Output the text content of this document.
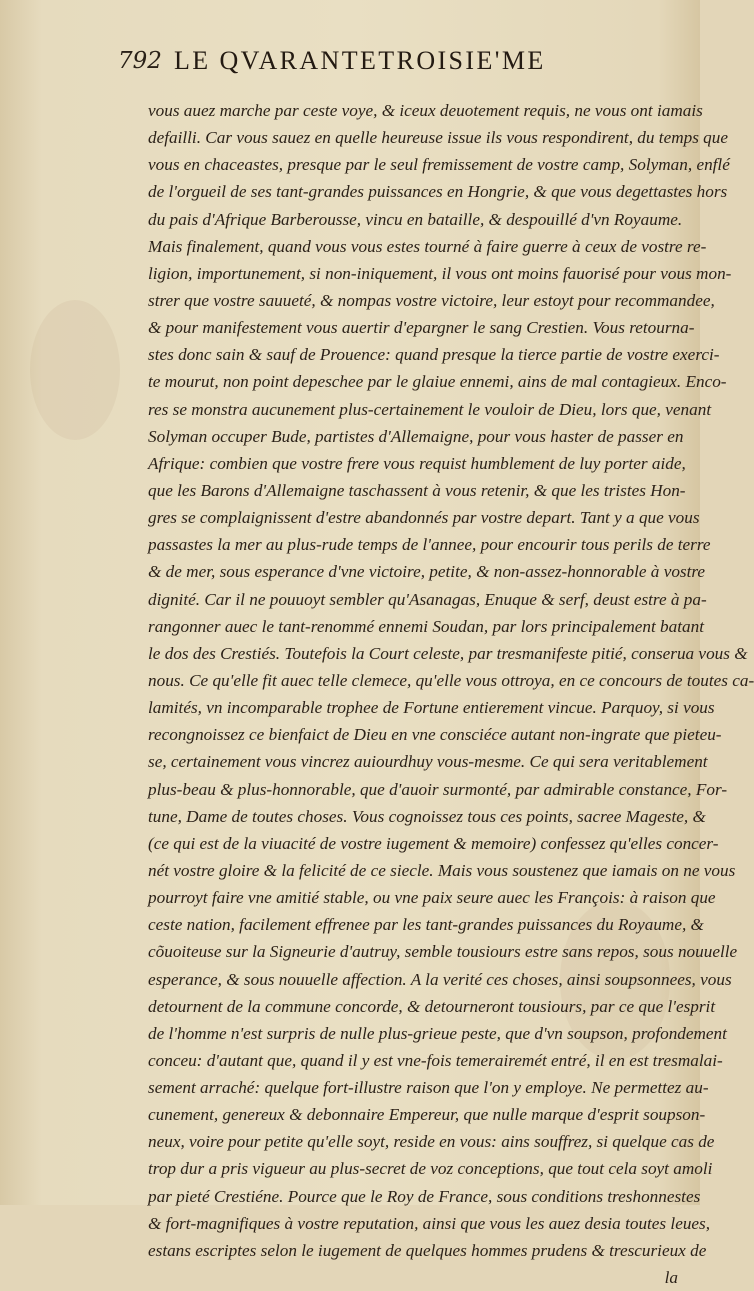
792 LE QVARANTETROISIE'ME
vous auez marche par ceste voye, & iceux deuotement requis, ne vous ont iamais
defailli. Car vous sauez en quelle heureuse issue ils vous respondirent, du temps que
vous en chaceastes, presque par le seul fremissement de vostre camp, Solyman, enflé
de l'orgueil de ses tant-grandes puissances en Hongrie, & que vous degettastes hors
du pais d'Afrique Barberousse, vincu en bataille, & despouillé d'vn Royaume.
Mais finalement, quand vous vous estes tourné à faire guerre à ceux de vostre re-
ligion, importunement, si non-iniquement, il vous ont moins fauorisé pour vous mon-
strer que vostre sauueté, & nompas vostre victoire, leur estoyt pour recommandee,
& pour manifestement vous auertir d'epargner le sang Crestien. Vous retourna-
stes donc sain & sauf de Prouence: quand presque la tierce partie de vostre exerci-
te mourut, non point depeschee par le glaiue ennemi, ains de mal contagieux. Enco-
res se monstra aucunement plus-certainement le vouloir de Dieu, lors que, venant
Solyman occuper Bude, partistes d'Allemaigne, pour vous haster de passer en
Afrique: combien que vostre frere vous requist humblement de luy porter aide,
que les Barons d'Allemaigne taschassent à vous retenir, & que les tristes Hon-
gres se complaignissent d'estre abandonnés par vostre depart. Tant y a que vous
passastes la mer au plus-rude temps de l'annee, pour encourir tous perils de terre
& de mer, sous esperance d'vne victoire, petite, & non-assez-honnorable à vostre
dignité. Car il ne pouuoyt sembler qu'Asanagas, Enuque & serf, deust estre à pa-
rangonner auec le tant-renommé ennemi Soudan, par lors principalement batant
le dos des Crestiés. Toutefois la Court celeste, par tresmanifeste pitié, conserua vous &
nous. Ce qu'elle fit auec telle clemece, qu'elle vous ottroya, en ce concours de toutes ca-
lamités, vn incomparable trophee de Fortune entierement vincue. Parquoy, si vous
recongnoissez ce bienfaict de Dieu en vne consciéce autant non-ingrate que pieteu-
se, certainement vous vincrez auiourdhuy vous-mesme. Ce qui sera veritablement
plus-beau & plus-honnorable, que d'auoir surmonté, par admirable constance, For-
tune, Dame de toutes choses. Vous cognoissez tous ces points, sacree Mageste, &
(ce qui est de la viuacité de vostre iugement & memoire) confessez qu'elles concer-
nét vostre gloire & la felicité de ce siecle. Mais vous soustenez que iamais on ne vous
pourroyt faire vne amitié stable, ou vne paix seure auec les François: à raison que
ceste nation, facilement effrenee par les tant-grandes puissances du Royaume, &
cõuoiteuse sur la Signeurie d'autruy, semble tousiours estre sans repos, sous nouuelle
esperance, & sous nouuelle affection. A la verité ces choses, ainsi soupsonnees, vous
detournent de la commune concorde, & detourneront tousiours, par ce que l'esprit
de l'homme n'est surpris de nulle plus-grieue peste, que d'vn soupson, profondement
conceu: d'autant que, quand il y est vne-fois temerairemét entré, il en est tresmalai-
sement arraché: quelque fort-illustre raison que l'on y employe. Ne permettez au-
cunement, genereux & debonnaire Empereur, que nulle marque d'esprit soupson-
neux, voire pour petite qu'elle soyt, reside en vous: ains souffrez, si quelque cas de
trop dur a pris vigueur au plus-secret de voz conceptions, que tout cela soyt amoli
par pieté Crestiéne. Pource que le Roy de France, sous conditions treshonnestes
& fort-magnifiques à vostre reputation, ainsi que vous les auez desia toutes leues,
estans escriptes selon le iugement de quelques hommes prudens & trescurieux de
la
